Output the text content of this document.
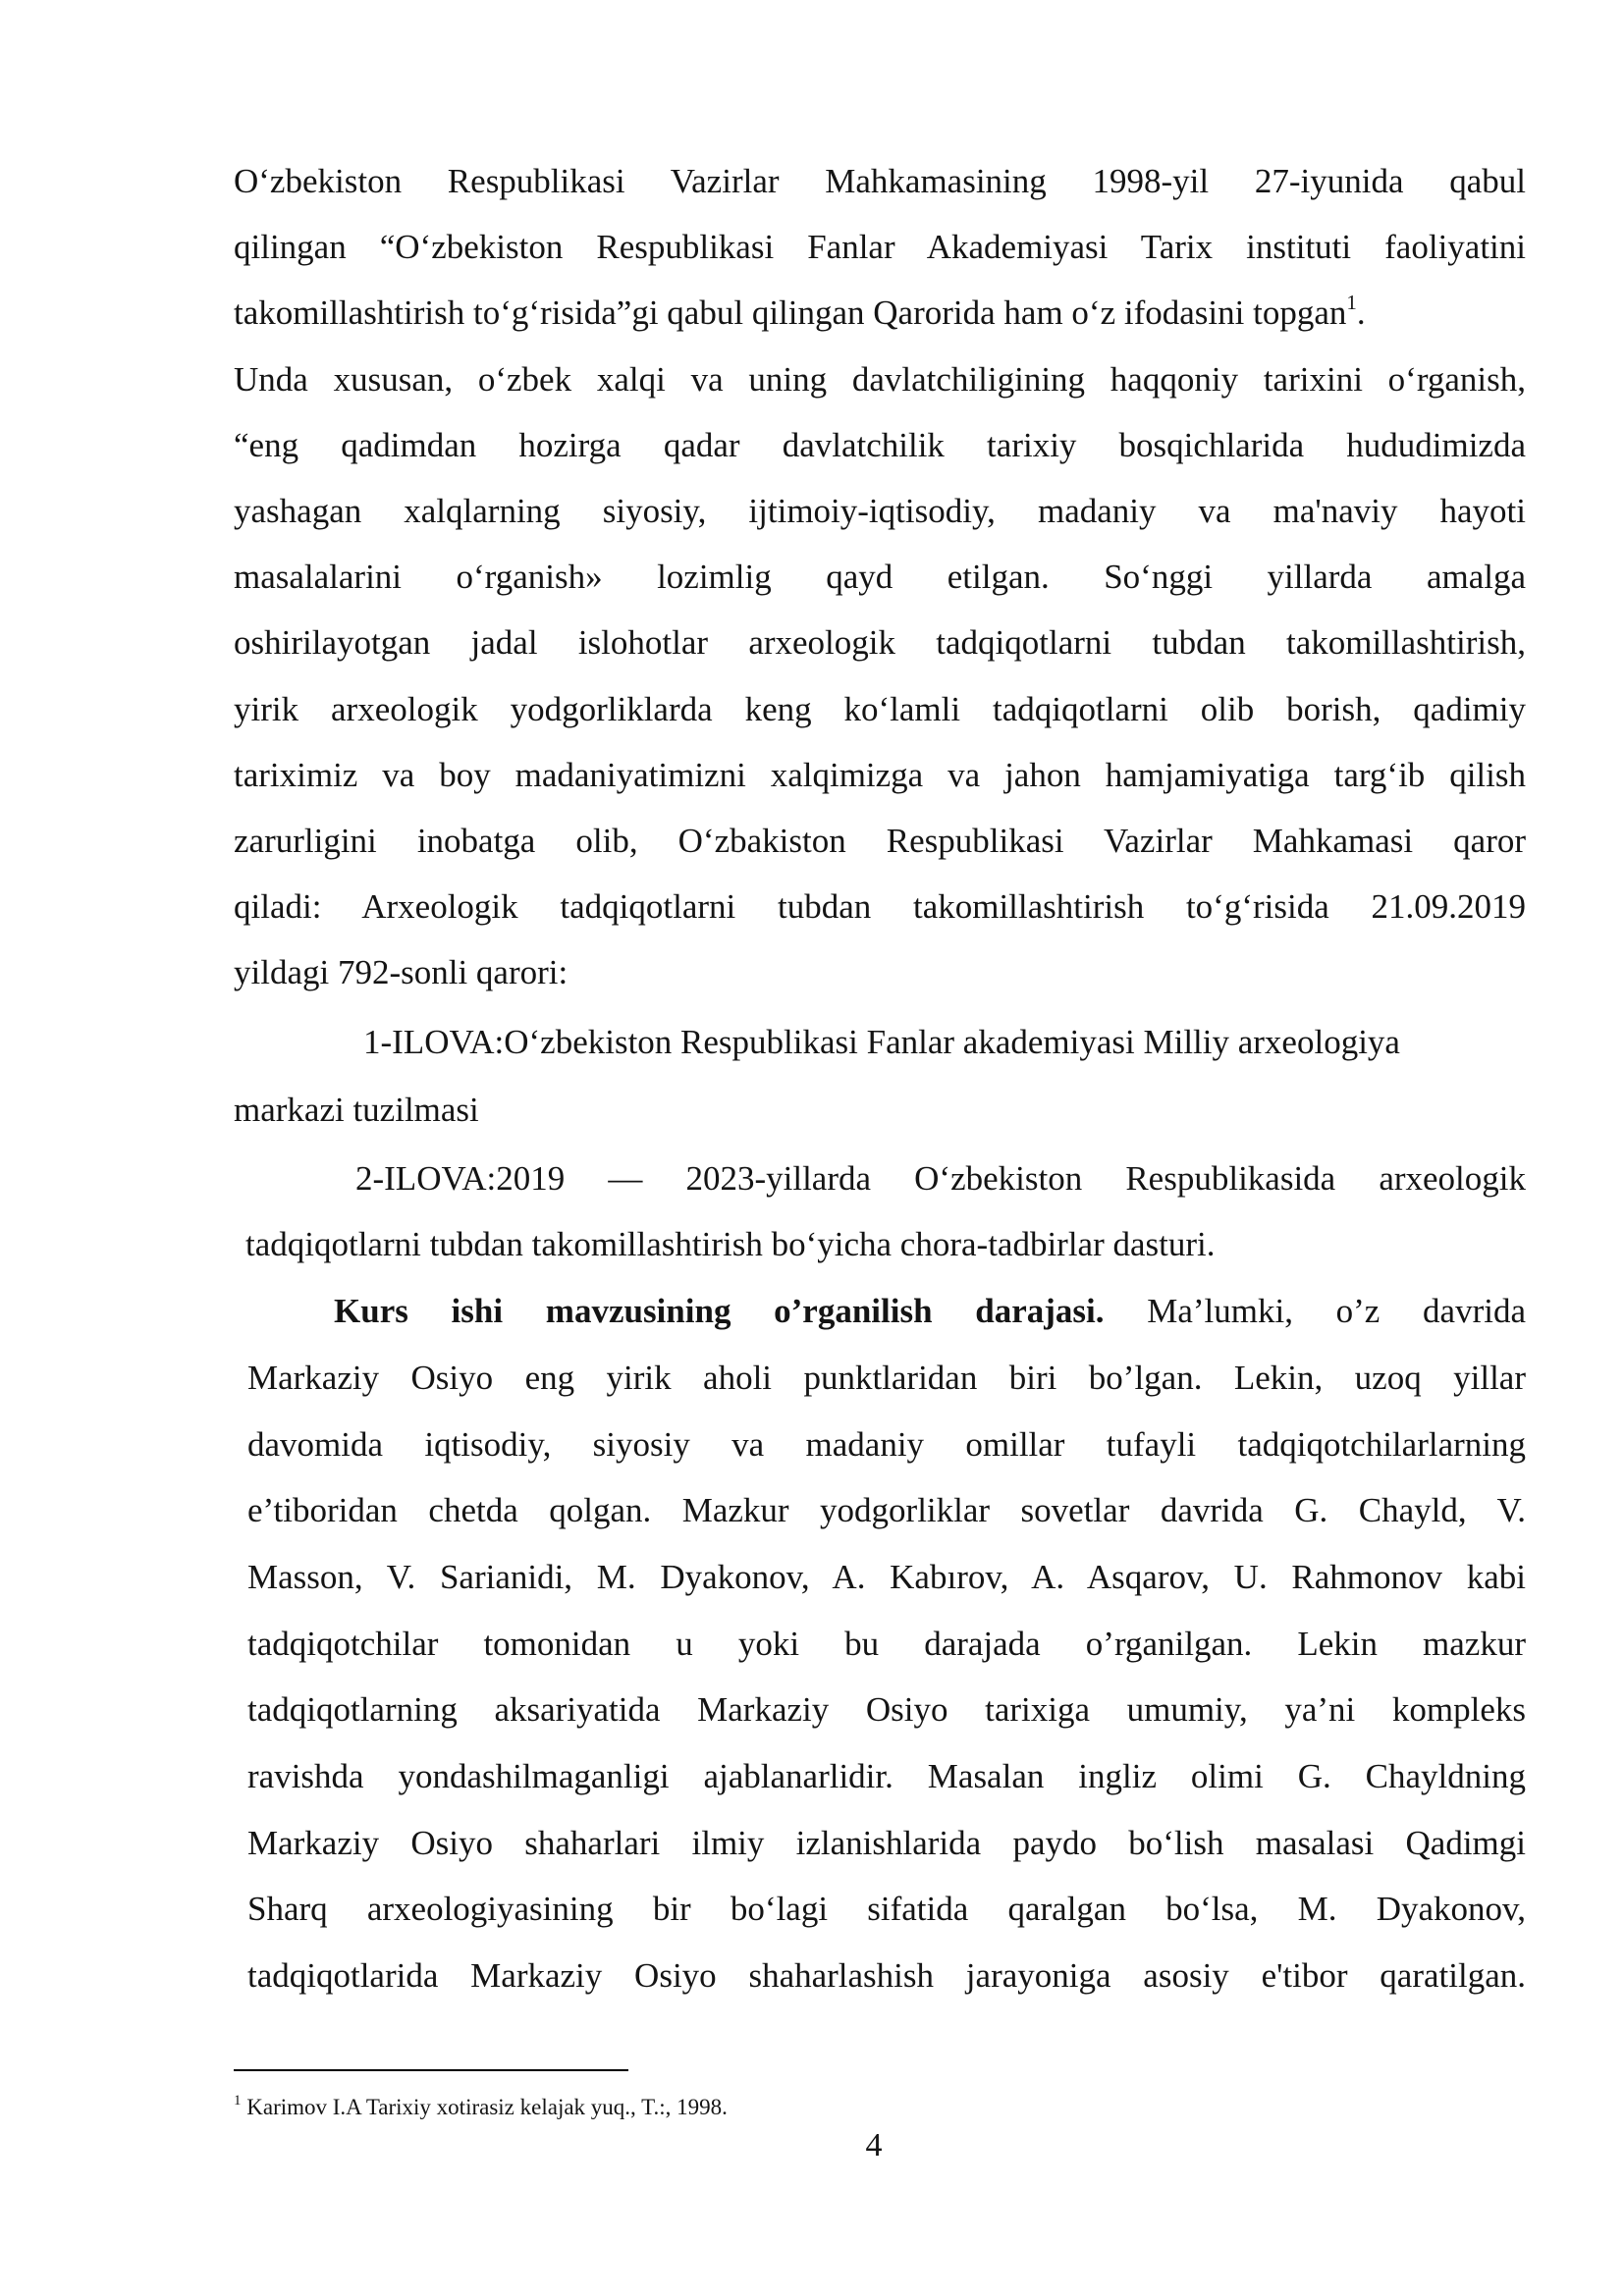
O‘zbekiston Respublikasi Vazirlar Mahkamasining 1998-yil 27-iyunida qabul
qilingan “O‘zbekiston Respublikasi Fanlar Akademiyasi Tarix instituti faoliyatini
takomillashtirish to‘g‘risida”gi qabul qilingan Qarorida ham o‘z ifodasini topgan$^1$.
Unda xususan, o‘zbek xalqi va uning davlatchiligining haqqoniy tarixini o‘rganish,
“eng qadimdan hozirga qadar davlatchilik tarixiy bosqichlarida hududimizda
yashagan xalqlarning siyosiy, ijtimoiy-iqtisodiy, madaniy va ma'naviy hayoti
masalalarini o‘rganish» lozimlig qayd etilgan. So‘nggi yillarda amalga
oshirilayotgan jadal islohotlar arxeologik tadqiqotlarni tubdan takomillashtirish,
yirik arxeologik yodgorliklarda keng ko‘lamli tadqiqotlarni olib borish, qadimiy
tariximiz va boy madaniyatimizni xalqimizga va jahon hamjamiyatiga targ‘ib qilish
zarurligini inobatga olib, O‘zbakiston Respublikasi Vazirlar Mahkamasi qaror
qiladi: Arxeologik tadqiqotlarni tubdan takomillashtirish to‘g‘risida 21.09.2019
yildagi 792-sonli qarori:
1-ILOVA:O‘zbekiston Respublikasi Fanlar akademiyasi Milliy arxeologiya
markazi tuzilmasi
2-ILOVA:2019 — 2023-yillarda O‘zbekiston Respublikasida arxeologik
tadqiqotlarni tubdan takomillashtirish bo‘yicha chora-tadbirlar dasturi.
Kurs ishi mavzusining o’rganilish darajasi. Ma’lumki, o’z davrida
Markaziy Osiyo eng yirik aholi punktlaridan biri bo’lgan. Lekin, uzoq yillar
davomida iqtisodiy, siyosiy va madaniy omillar tufayli tadqiqotchilarlarning
e’tiboridan chetda qolgan. Mazkur yodgorliklar sovetlar davrida G. Chayld, V.
Masson, V. Sarianidi, M. Dyakonov, A. Kabırov, A. Asqarov, U. Rahmonov kabi
tadqiqotchilar tomonidan u yoki bu darajada o’rganilgan. Lekin mazkur
tadqiqotlarning aksariyatida Markaziy Osiyo tarixiga umumiy, ya’ni kompleks
ravishda yondashilmaganligi ajablanarlidir. Masalan ingliz olimi G. Chayldning
Markaziy Osiyo shaharlari ilmiy izlanishlarida paydo bo‘lish masalasi Qadimgi
Sharq arxeologiyasining bir bo‘lagi sifatida qaralgan bo‘lsa, M. Dyakonov,
tadqiqotlarida Markaziy Osiyo shaharlashish jarayoniga asosiy e'tibor qaratilgan.
$^1$ Karimov I.A Tarixiy xotirasiz kelajak yuq., T.:, 1998.
4
